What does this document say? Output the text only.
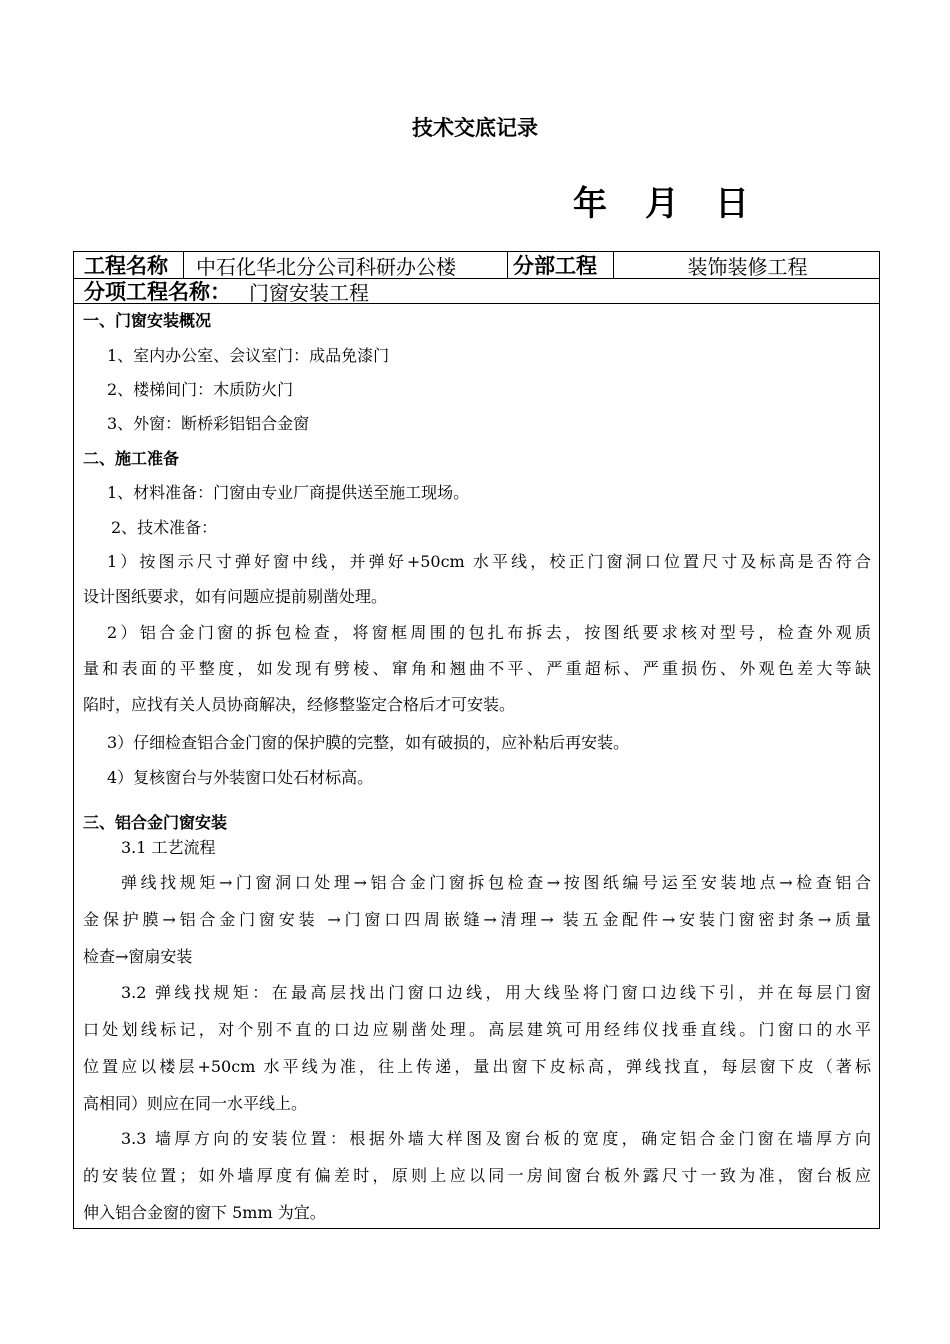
技术交底记录
年 月 日
工程名称	中石化华北分公司科研办公楼	分部工程	装饰装修工程
分项工程名称： 门窗安装工程
一、门窗安装概况
1、室内办公室、会议室门：成品免漆门
2、楼梯间门：木质防火门
3、外窗：断桥彩铝铝合金窗
二、施工准备
1、材料准备：门窗由专业厂商提供送至施工现场。
2、技术准备：
1）按图示尺寸弹好窗中线，并弹好+50cm 水平线，校正门窗洞口位置尺寸及标高是否符合
设计图纸要求，如有问题应提前剔凿处理。
2）铝合金门窗的拆包检查，将窗框周围的包扎布拆去，按图纸要求核对型号，检查外观质
量和表面的平整度，如发现有劈棱、窜角和翘曲不平、严重超标、严重损伤、外观色差大等缺
陷时，应找有关人员协商解决，经修整鉴定合格后才可安装。
3）仔细检查铝合金门窗的保护膜的完整，如有破损的，应补粘后再安装。
4）复核窗台与外装窗口处石材标高。
三、铝合金门窗安装
3.1 工艺流程
弹线找规矩→门窗洞口处理→铝合金门窗拆包检查→按图纸编号运至安装地点→检查铝合
金保护膜→铝合金门窗安装 →门窗口四周嵌缝→清理→ 装五金配件→安装门窗密封条→质量
检查→窗扇安装
3.2 弹线找规矩：在最高层找出门窗口边线，用大线坠将门窗口边线下引，并在每层门窗
口处划线标记，对个别不直的口边应剔凿处理。高层建筑可用经纬仪找垂直线。门窗口的水平
位置应以楼层+50cm 水平线为准，往上传递，量出窗下皮标高，弹线找直，每层窗下皮（著标
高相同）则应在同一水平线上。
3.3 墙厚方向的安装位置：根据外墙大样图及窗台板的宽度，确定铝合金门窗在墙厚方向
的安装位置；如外墙厚度有偏差时，原则上应以同一房间窗台板外露尺寸一致为准，窗台板应
伸入铝合金窗的窗下 5mm 为宜。
